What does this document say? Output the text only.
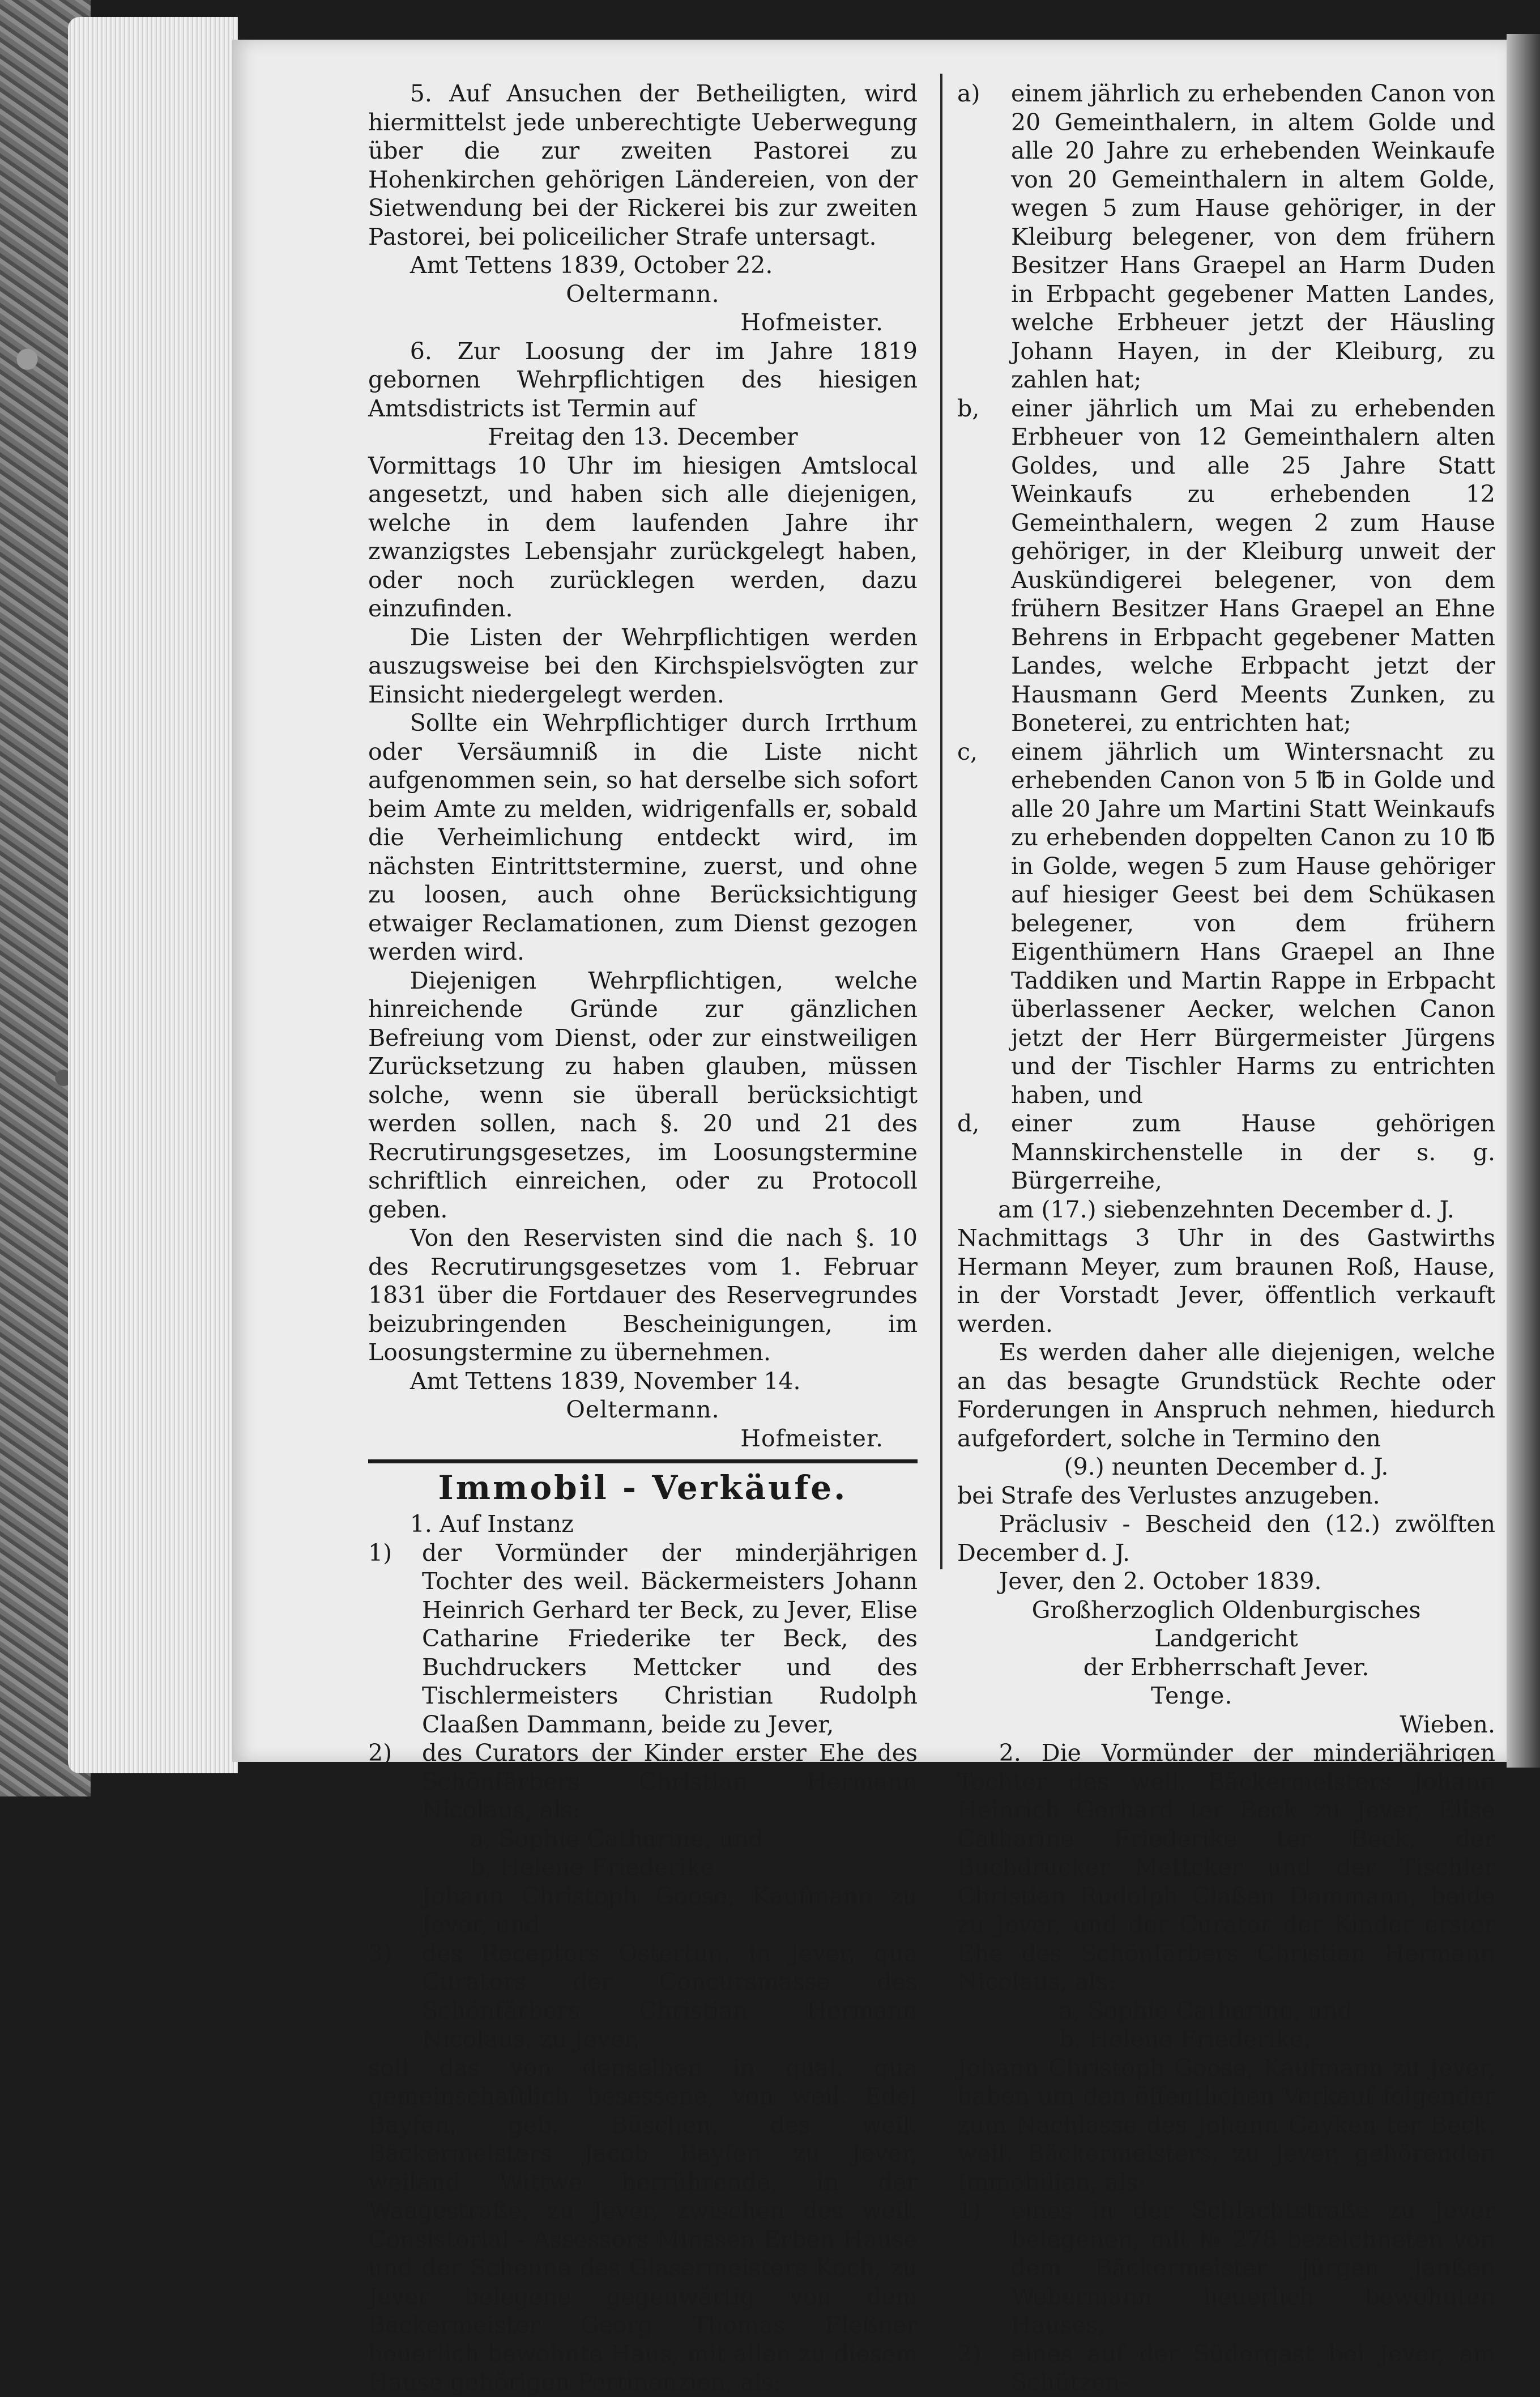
5. Auf Ansuchen der Betheiligten, wird hiermittelst jede unberechtigte Ueberwegung über die zur zweiten Pastorei zu Hohenkirchen gehörigen Ländereien, von der Sietwendung bei der Rickerei bis zur zweiten Pastorei, bei policeilicher Strafe untersagt.

Amt Tettens 1839, October 22.

Oeltermann.

Hofmeister.

6. Zur Loosung der im Jahre 1819 gebornen Wehrpflichtigen des hiesigen Amtsdistricts ist Termin auf

Freitag den 13. December

Vormittags 10 Uhr im hiesigen Amtslocal angesetzt, und haben sich alle diejenigen, welche in dem laufenden Jahre ihr zwanzigstes Lebensjahr zurückgelegt haben, oder noch zurücklegen werden, dazu einzufinden.

Die Listen der Wehrpflichtigen werden auszugsweise bei den Kirchspielsvögten zur Einsicht niedergelegt werden.

Sollte ein Wehrpflichtiger durch Irrthum oder Versäumniß in die Liste nicht aufgenommen sein, so hat derselbe sich sofort beim Amte zu melden, widrigenfalls er, sobald die Verheimlichung entdeckt wird, im nächsten Eintrittstermine, zuerst, und ohne zu loosen, auch ohne Berücksichtigung etwaiger Reclamationen, zum Dienst gezogen werden wird.

Diejenigen Wehrpflichtigen, welche hinreichende Gründe zur gänzlichen Befreiung vom Dienst, oder zur einstweiligen Zurücksetzung zu haben glauben, müssen solche, wenn sie überall berücksichtigt werden sollen, nach §. 20 und 21 des Recrutirungsgesetzes, im Loosungstermine schriftlich einreichen, oder zu Protocoll geben.

Von den Reservisten sind die nach §. 10 des Recrutirungsgesetzes vom 1. Februar 1831 über die Fortdauer des Reservegrundes beizubringenden Bescheinigungen, im Loosungstermine zu übernehmen.

Amt Tettens 1839, November 14.

Oeltermann.

Hofmeister.

Immobil - Verkäufe.

1. Auf Instanz

1)	der Vormünder der minderjährigen Tochter des weil. Bäckermeisters Johann Heinrich Gerhard ter Beck, zu Jever, Elise Catharine Friederike ter Beck, des Buchdruckers Mettcker und des Tischlermeisters Christian Rudolph Claaßen Dammann, beide zu Jever,
2)	des Curators der Kinder erster Ehe des Schönfärbers Christian Hermann Nicolaus, als:

a, Sophie Catharine, und

b, Helene Friederike

Johann Christoph Goose, Kaufmann zu Jever, und

3)	des Receptors Ostertun, in Jever, qua Curators der Concursmasse des Schönfärbers Christian Hermann Nicolaus, zu Jever,

soll das von denselben in qual. qua gemeinschaftlich besessene, von weil. Edel Bayfen, geb. Büschen, des weil. Bäckermeisters Jacob Bayfen zu Jever, weiland Wittwe herrührende, in der Waagestraße, zu Jever, zwischen des weil. Consistorial - Assessors Minssen Erben Hause und der Scheune des Glasermeisters Koch, zu Jever belegene gegenwärtig von dem Bäckermeister Georg Thomas Fleßner heuerlich bewohnte Haus, mit allen zu diesem Hause gehörigen Pertinenzien, als:

a)	einem jährlich zu erhebenden Canon von 20 Gemeinthalern, in altem Golde und alle 20 Jahre zu erhebenden Weinkaufe von 20 Gemeinthalern in altem Golde, wegen 5 zum Hause gehöriger, in der Kleiburg belegener, von dem frühern Besitzer Hans Graepel an Harm Duden in Erbpacht gegebener Matten Landes, welche Erbheuer jetzt der Häusling Johann Hayen, in der Kleiburg, zu zahlen hat;
b,	einer jährlich um Mai zu erhebenden Erbheuer von 12 Gemeinthalern alten Goldes, und alle 25 Jahre Statt Weinkaufs zu erhebenden 12 Gemeinthalern, wegen 2 zum Hause gehöriger, in der Kleiburg unweit der Auskündigerei belegener, von dem frühern Besitzer Hans Graepel an Ehne Behrens in Erbpacht gegebener Matten Landes, welche Erbpacht jetzt der Hausmann Gerd Meents Zunken, zu Boneterei, zu entrichten hat;
c,	einem jährlich um Wintersnacht zu erhebenden Canon von 5 ℔ in Golde und alle 20 Jahre um Martini Statt Weinkaufs zu erhebenden doppelten Canon zu 10 ℔ in Golde, wegen 5 zum Hause gehöriger auf hiesiger Geest bei dem Schükasen belegener, von dem frühern Eigenthümern Hans Graepel an Ihne Taddiken und Martin Rappe in Erbpacht überlassener Aecker, welchen Canon jetzt der Herr Bürgermeister Jürgens und der Tischler Harms zu entrichten haben, und
d,	einer zum Hause gehörigen Mannskirchenstelle in der s. g. Bürgerreihe,

am (17.) siebenzehnten December d. J.

Nachmittags 3 Uhr in des Gastwirths Hermann Meyer, zum braunen Roß, Hause, in der Vorstadt Jever, öffentlich verkauft werden.

Es werden daher alle diejenigen, welche an das besagte Grundstück Rechte oder Forderungen in Anspruch nehmen, hiedurch aufgefordert, solche in Termino den

(9.) neunten December d. J.

bei Strafe des Verlustes anzugeben.

Präclusiv - Bescheid den (12.) zwölften December d. J.

Jever, den 2. October 1839.

Großherzoglich Oldenburgisches Landgericht

der Erbherrschaft Jever.

Tenge.

Wieben.

2. Die Vormünder der minderjährigen Tochter des weil. Bäckermeisters Johann Heinrich Gerhard ter Beck zu Jever, Elise Catharine Friederike ter Beck, der Buchdrucker Mettcker und der Tischler Christian Rudolph Claßen Dammann, beide zu Jever, und der Curator der Kinder erster Ehe des Schönfärbers Christian Hermann Nicolaus, als:

a, Sophie Catharine, und

b, Helene Friederike,

Johann Christoph Goose, Kaufmann zu Jever, haben um den öffentlichen Verkauf folgender zum Nachlasse des Johann Gayken ter Beck, weil. Bäckermeisters, zu Jever, gehörenden Immobilien, als:

1)	eines in der Schlachtstraße zu Jever belegenen, mit № 278 bezeichneten von dem Bäckermeister Jürgen Janßen Webermann heuerlich bewohnten Hauses,
2)	eines auf der Südergast bei Jever, am Schützen-
